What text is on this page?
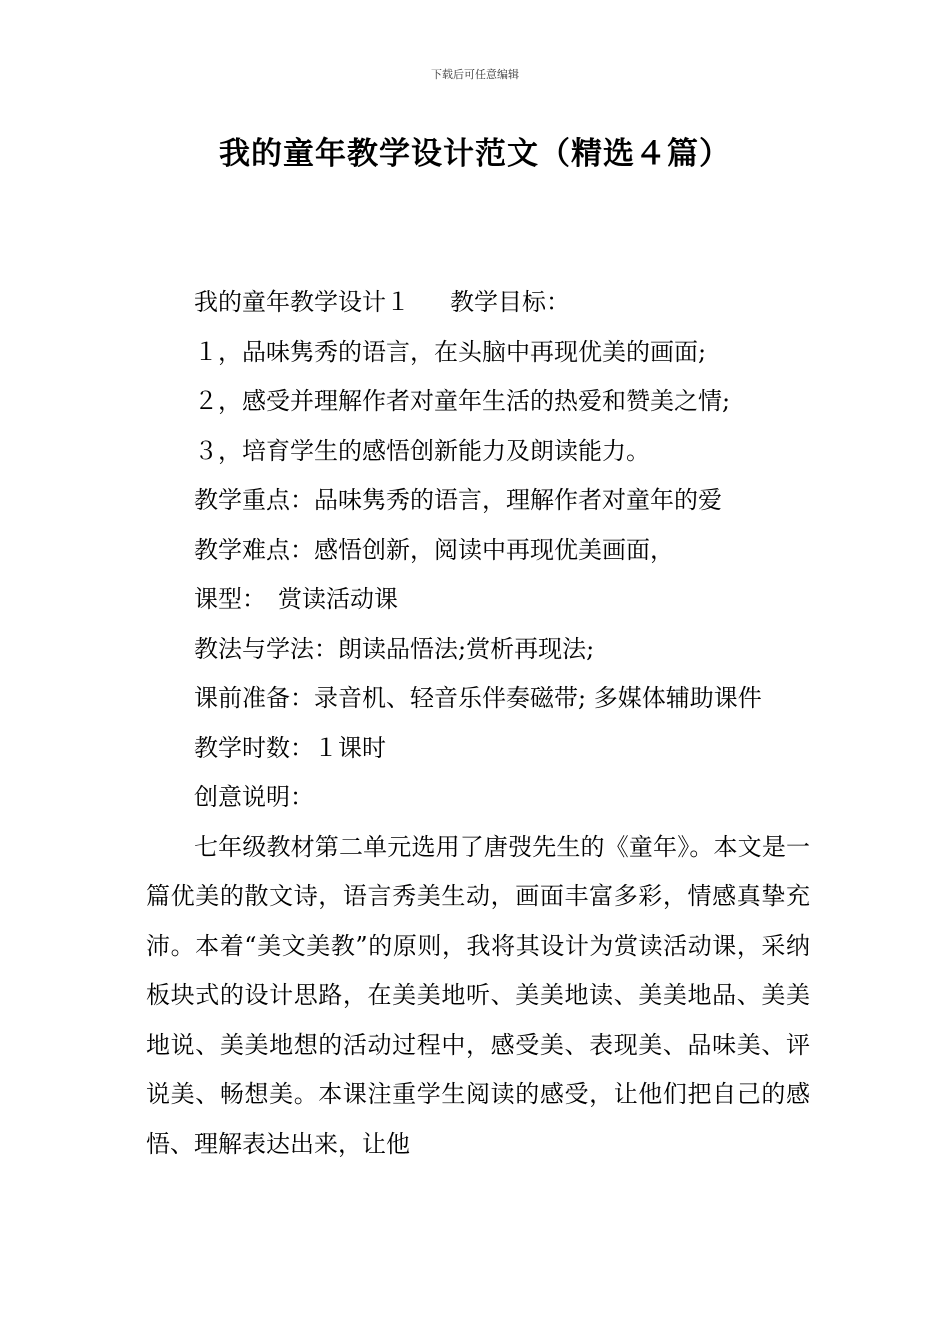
下载后可任意编辑
我的童年教学设计范文（精选４篇）

我的童年教学设计１ 教学目标：

１，品味隽秀的语言，在头脑中再现优美的画面;

２，感受并理解作者对童年生活的热爱和赞美之情;

３，培育学生的感悟创新能力及朗读能力。

教学重点：品味隽秀的语言，理解作者对童年的爱

教学难点：感悟创新，阅读中再现优美画面，

课型：　赏读活动课

教法与学法：朗读品悟法;赏析再现法;

课前准备：录音机、轻音乐伴奏磁带; 多媒体辅助课件

教学时数：１课时

创意说明：

七年级教材第二单元选用了唐弢先生的《童年》。本文是一篇优美的散文诗，语言秀美生动，画面丰富多彩，情感真挚充沛。本着“美文美教”的原则，我将其设计为赏读活动课，采纳板块式的设计思路，在美美地听、美美地读、美美地品、美美地说、美美地想的活动过程中，感受美、表现美、品味美、评说美、畅想美。本课注重学生阅读的感受，让他们把自己的感悟、理解表达出来，让他
